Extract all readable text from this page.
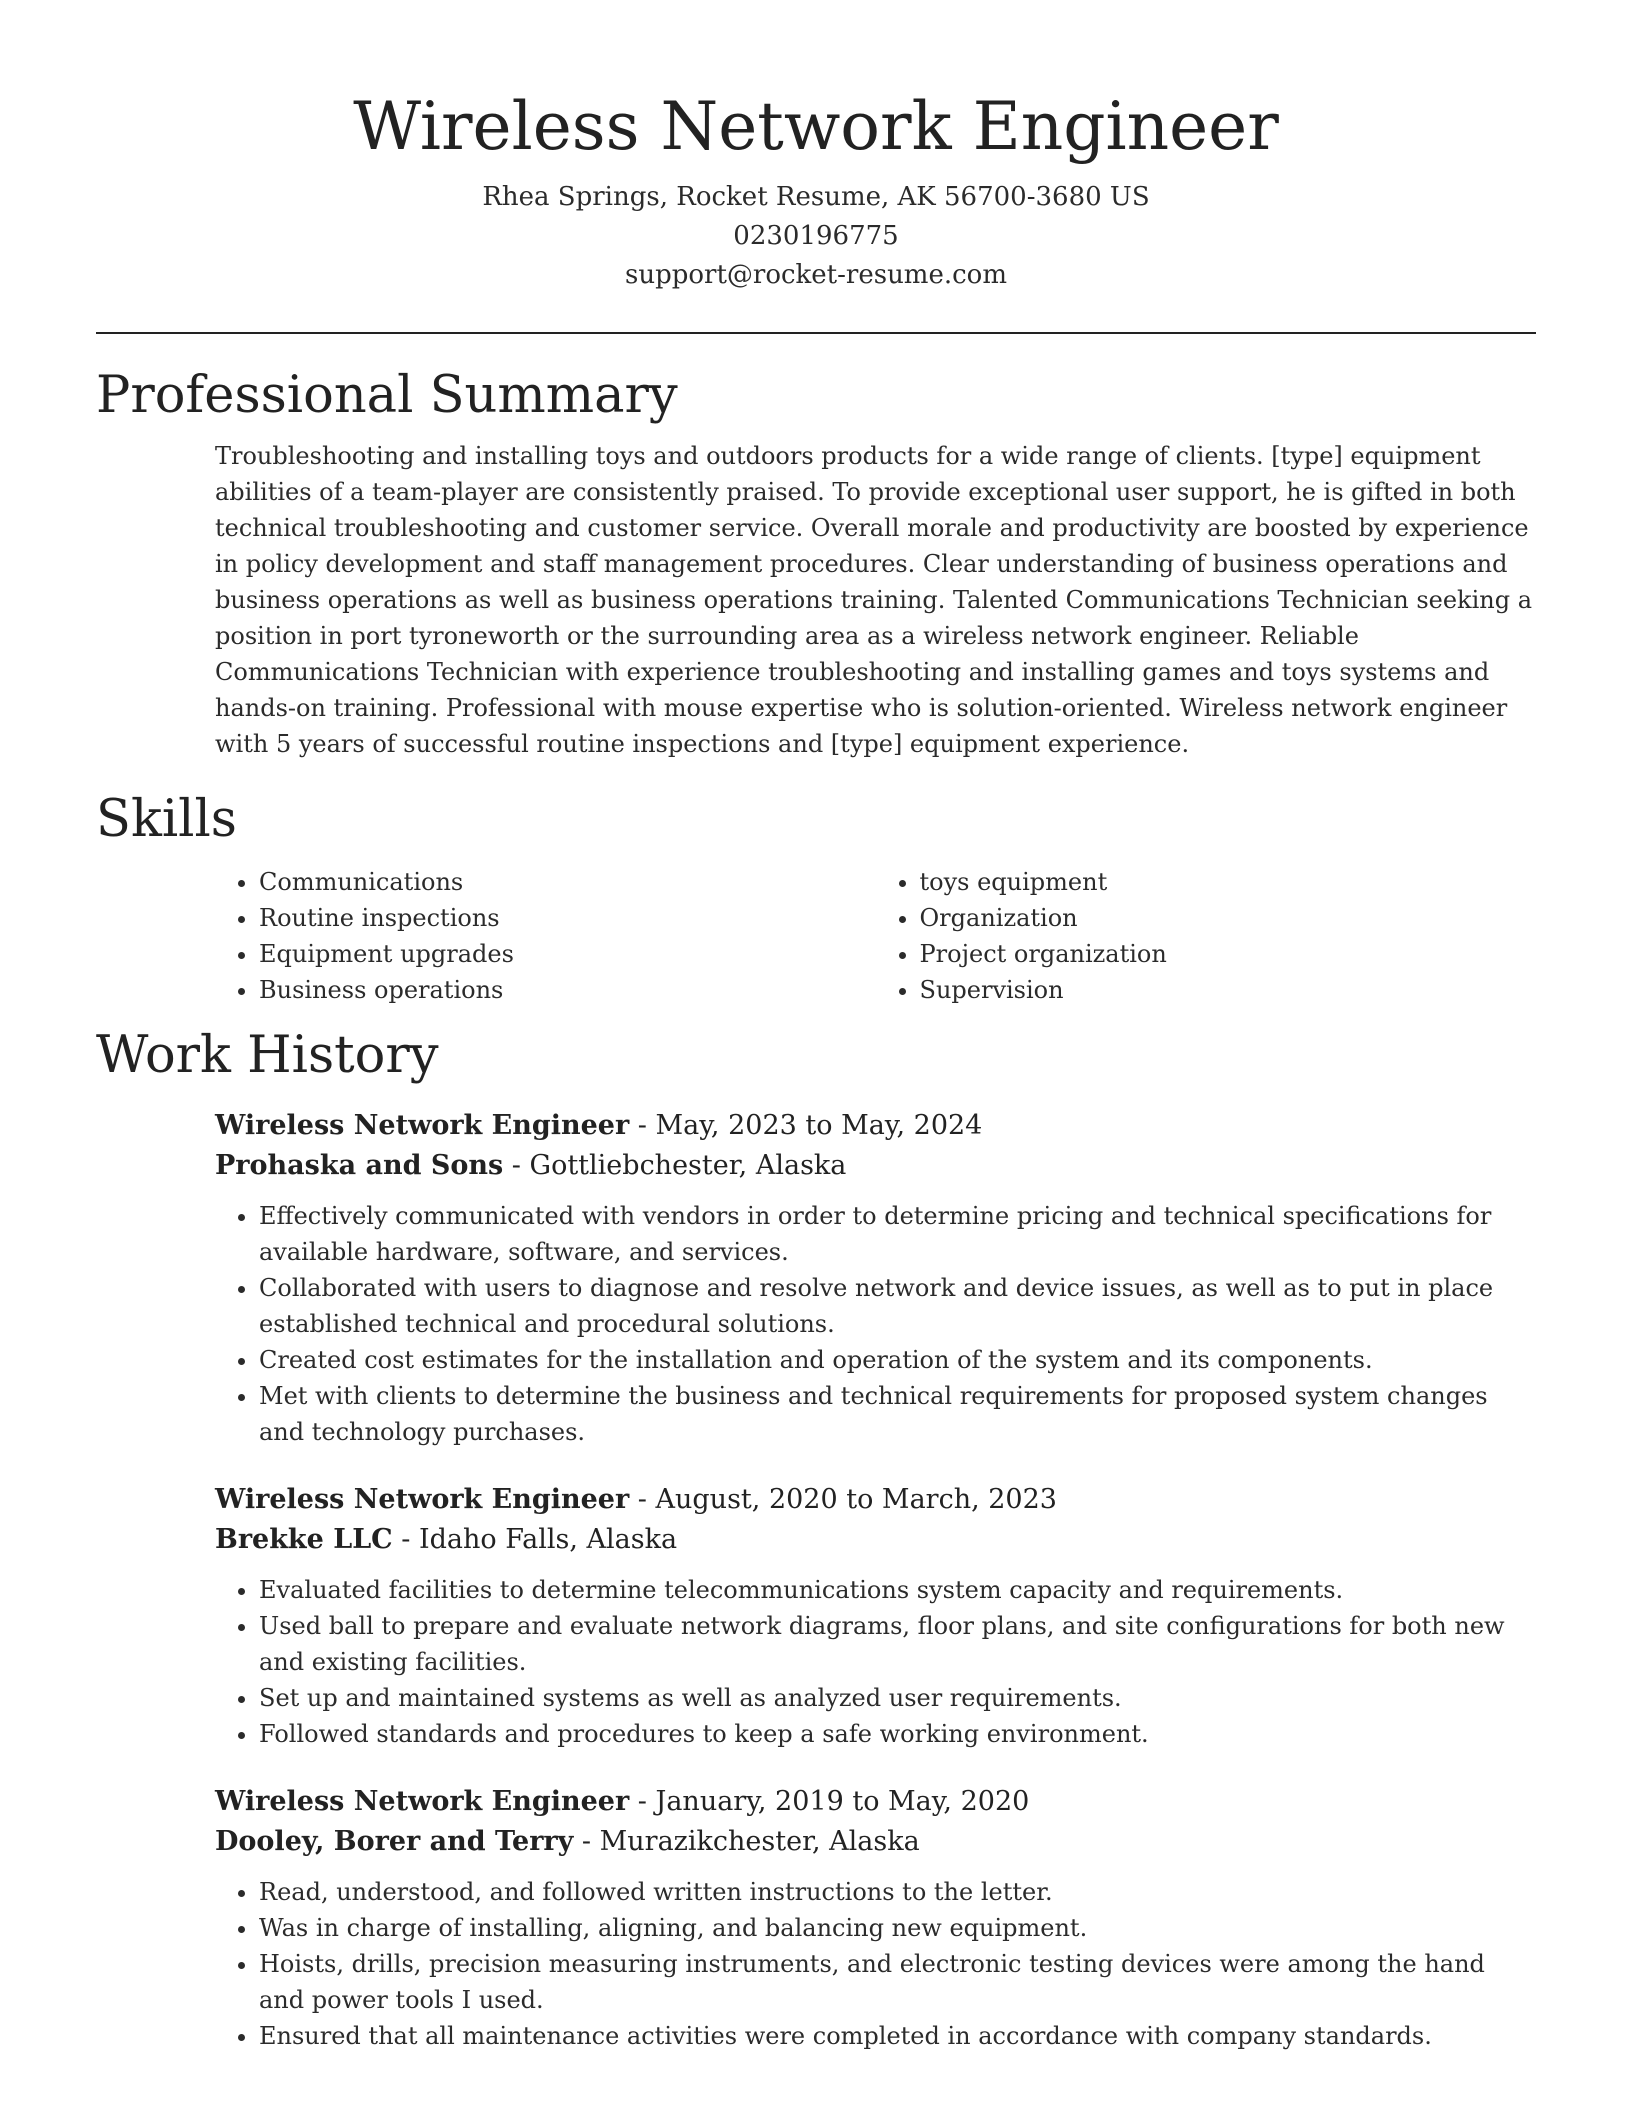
Wireless Network Engineer
Rhea Springs, Rocket Resume, AK 56700-3680 US
0230196775
support@rocket-resume.com
Professional Summary

Troubleshooting and installing toys and outdoors products for a wide range of clients. [type] equipment abilities of a team-player are consistently praised. To provide exceptional user support, he is gifted in both technical troubleshooting and customer service. Overall morale and productivity are boosted by experience in policy development and staff management procedures. Clear understanding of business operations and business operations as well as business operations training. Talented Communications Technician seeking a position in port tyroneworth or the surrounding area as a wireless network engineer. Reliable Communications Technician with experience troubleshooting and installing games and toys systems and hands-on training. Professional with mouse expertise who is solution-oriented. Wireless network engineer with 5 years of successful routine inspections and [type] equipment experience.

Skills
• Communications
• Routine inspections
• Equipment upgrades
• Business operations
• toys equipment
• Organization
• Project organization
• Supervision
Work History
Wireless Network Engineer - May, 2023 to May, 2024
Prohaska and Sons - Gottliebchester, Alaska
• Effectively communicated with vendors in order to determine pricing and technical specifications for available hardware, software, and services.
• Collaborated with users to diagnose and resolve network and device issues, as well as to put in place established technical and procedural solutions.
• Created cost estimates for the installation and operation of the system and its components.
• Met with clients to determine the business and technical requirements for proposed system changes and technology purchases.
Wireless Network Engineer - August, 2020 to March, 2023
Brekke LLC - Idaho Falls, Alaska
• Evaluated facilities to determine telecommunications system capacity and requirements.
• Used ball to prepare and evaluate network diagrams, floor plans, and site configurations for both new and existing facilities.
• Set up and maintained systems as well as analyzed user requirements.
• Followed standards and procedures to keep a safe working environment.
Wireless Network Engineer - January, 2019 to May, 2020
Dooley, Borer and Terry - Murazikchester, Alaska
• Read, understood, and followed written instructions to the letter.
• Was in charge of installing, aligning, and balancing new equipment.
• Hoists, drills, precision measuring instruments, and electronic testing devices were among the hand and power tools I used.
• Ensured that all maintenance activities were completed in accordance with company standards.
